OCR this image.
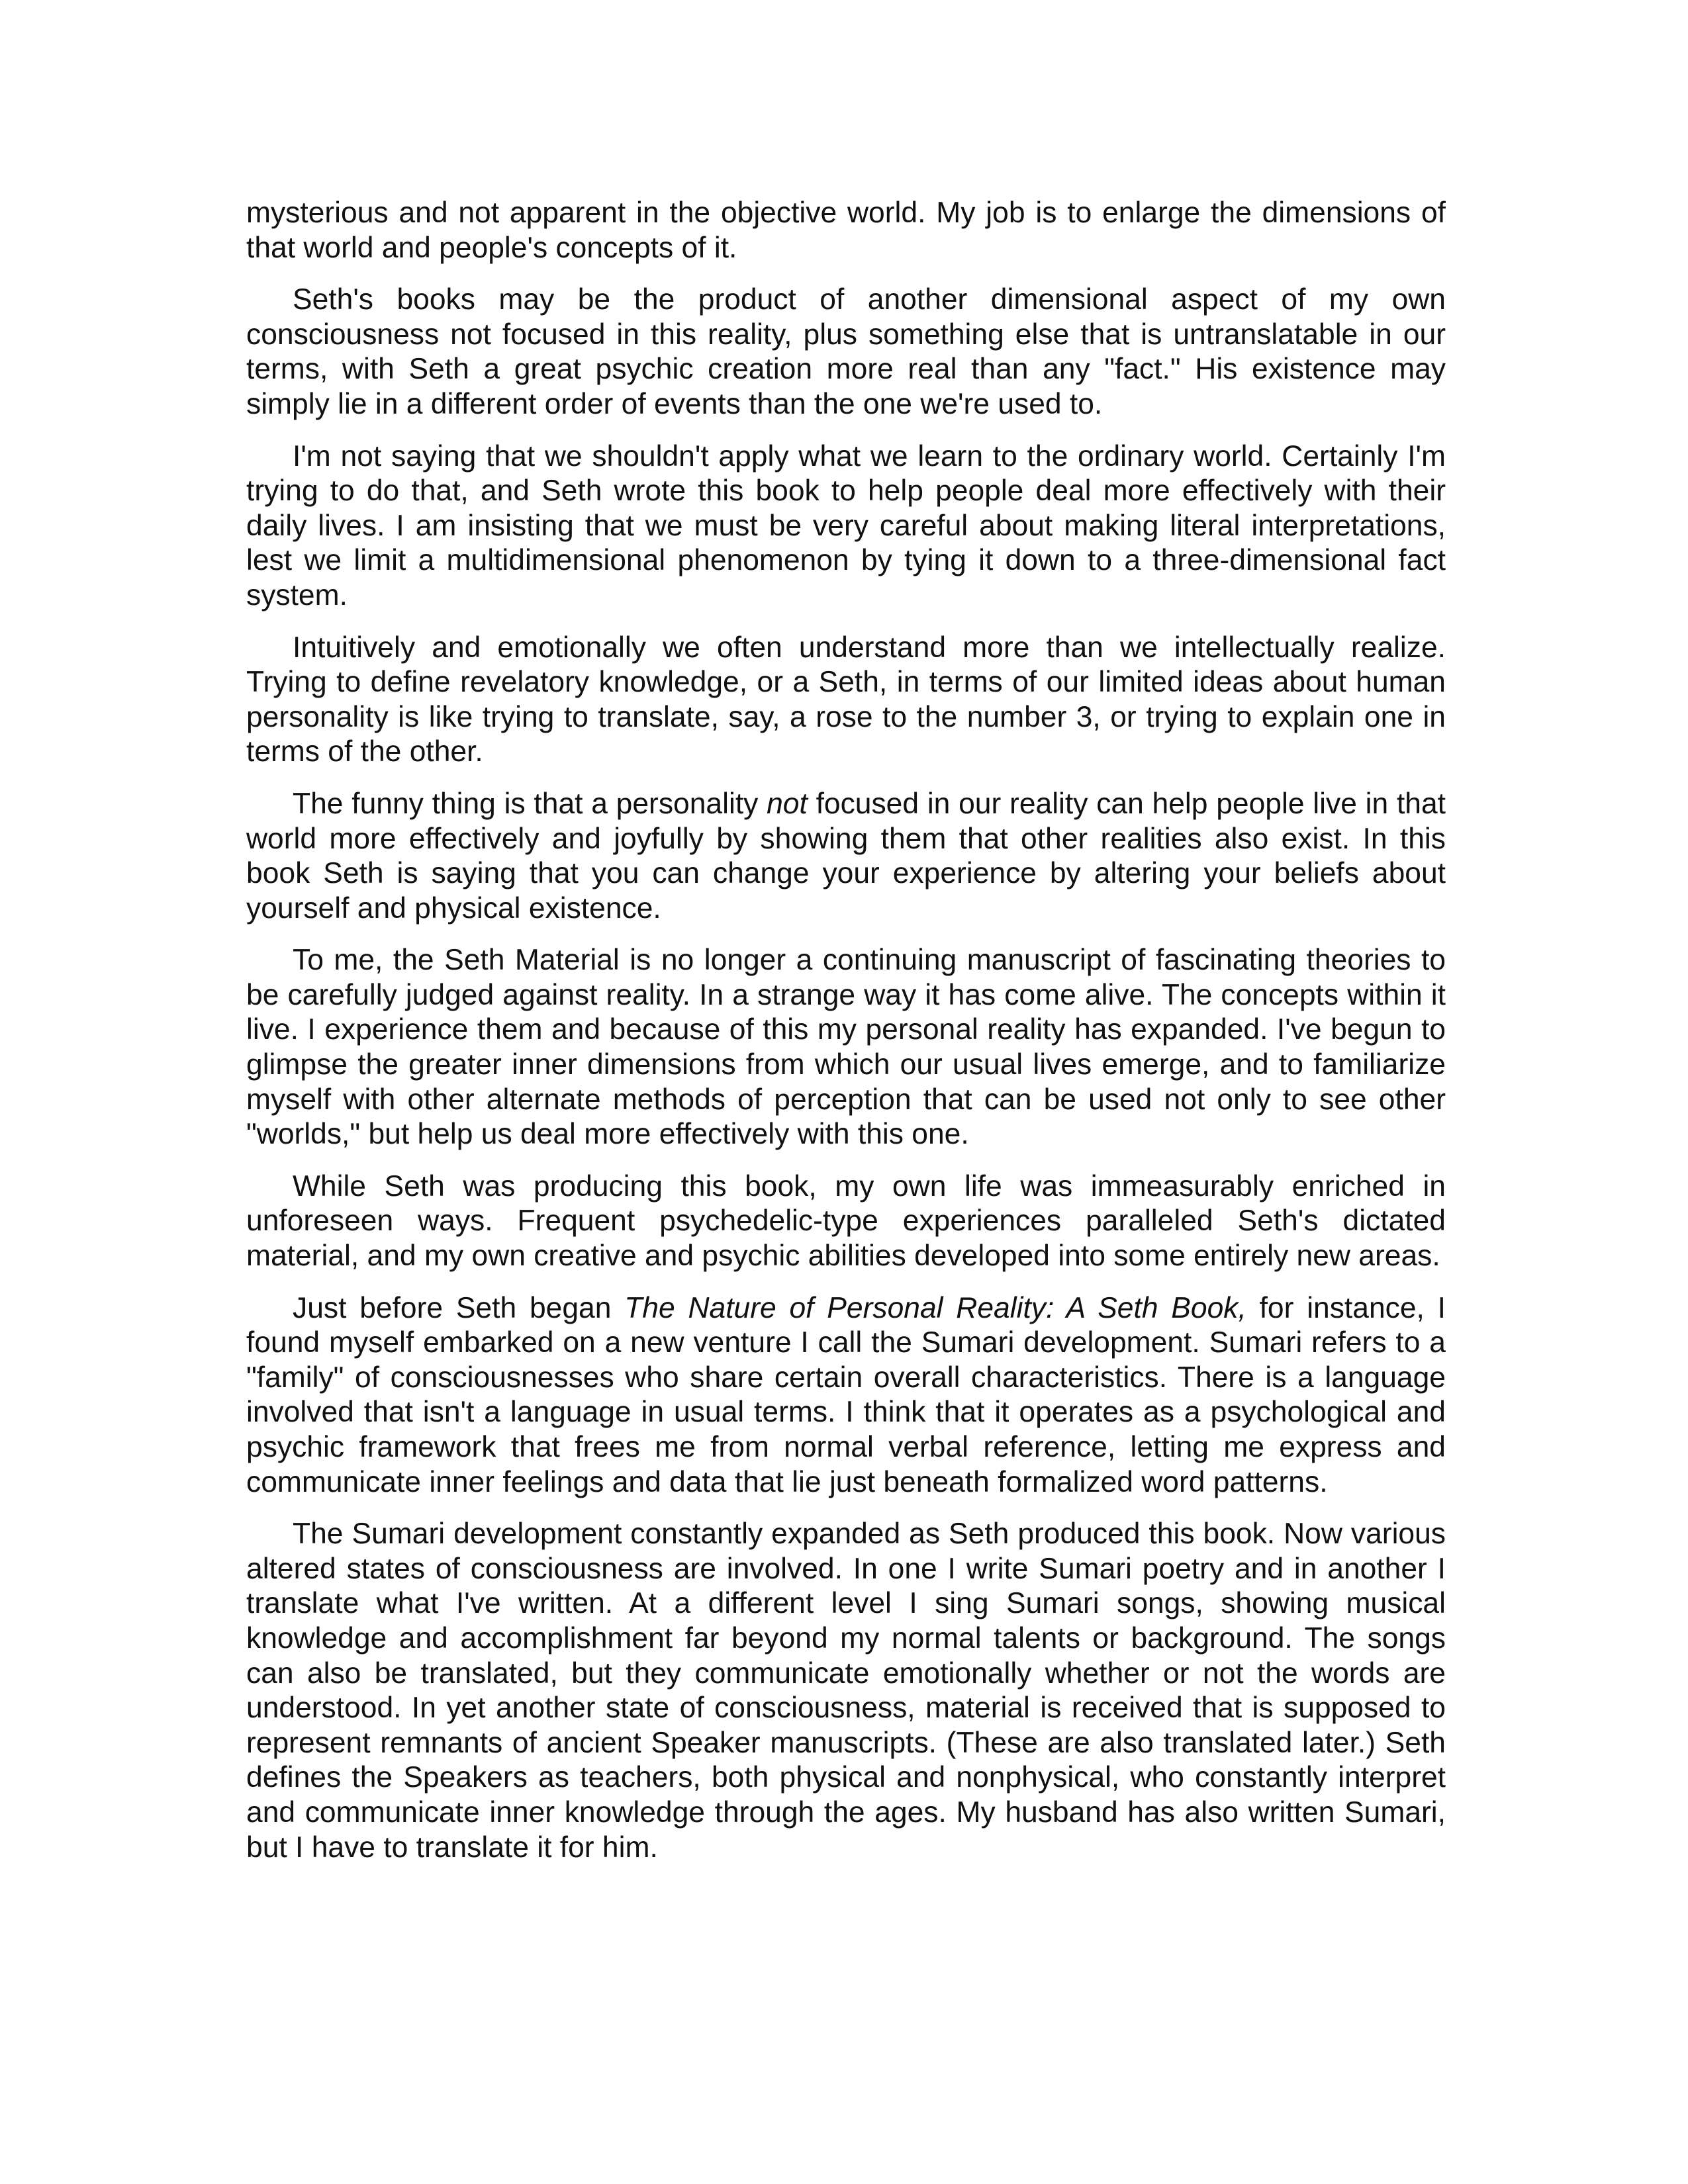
mysterious and not apparent in the objective world. My job is to enlarge the dimensions of that world and people's concepts of it.

Seth's books may be the product of another dimensional aspect of my own consciousness not focused in this reality, plus something else that is untranslatable in our terms, with Seth a great psychic creation more real than any "fact." His existence may simply lie in a different order of events than the one we're used to.

I'm not saying that we shouldn't apply what we learn to the ordinary world. Certainly I'm trying to do that, and Seth wrote this book to help people deal more effectively with their daily lives. I am insisting that we must be very careful about making literal interpretations, lest we limit a multidimensional phenomenon by tying it down to a three-dimensional fact system.

Intuitively and emotionally we often understand more than we intellectually realize. Trying to define revelatory knowledge, or a Seth, in terms of our limited ideas about human personality is like trying to translate, say, a rose to the number 3, or trying to explain one in terms of the other.

The funny thing is that a personality not focused in our reality can help people live in that world more effectively and joyfully by showing them that other realities also exist. In this book Seth is saying that you can change your experience by altering your beliefs about yourself and physical existence.

To me, the Seth Material is no longer a continuing manuscript of fascinating theories to be carefully judged against reality. In a strange way it has come alive. The concepts within it live. I experience them and because of this my personal reality has expanded. I've begun to glimpse the greater inner dimensions from which our usual lives emerge, and to familiarize myself with other alternate methods of perception that can be used not only to see other "worlds," but help us deal more effectively with this one.

While Seth was producing this book, my own life was immeasurably enriched in unforeseen ways. Frequent psychedelic-type experiences paralleled Seth's dictated material, and my own creative and psychic abilities developed into some entirely new areas.

Just before Seth began The Nature of Personal Reality: A Seth Book, for instance, I found myself embarked on a new venture I call the Sumari development. Sumari refers to a "family" of consciousnesses who share certain overall characteristics. There is a language involved that isn't a language in usual terms. I think that it operates as a psychological and psychic framework that frees me from normal verbal reference, letting me express and communicate inner feelings and data that lie just beneath formalized word patterns.

The Sumari development constantly expanded as Seth produced this book. Now various altered states of consciousness are involved. In one I write Sumari poetry and in another I translate what I've written. At a different level I sing Sumari songs, showing musical knowledge and accomplishment far beyond my normal talents or background. The songs can also be translated, but they communicate emotionally whether or not the words are understood. In yet another state of consciousness, material is received that is supposed to represent remnants of ancient Speaker manuscripts. (These are also translated later.) Seth defines the Speakers as teachers, both physical and nonphysical, who constantly interpret and communicate inner knowledge through the ages. My husband has also written Sumari, but I have to translate it for him.
